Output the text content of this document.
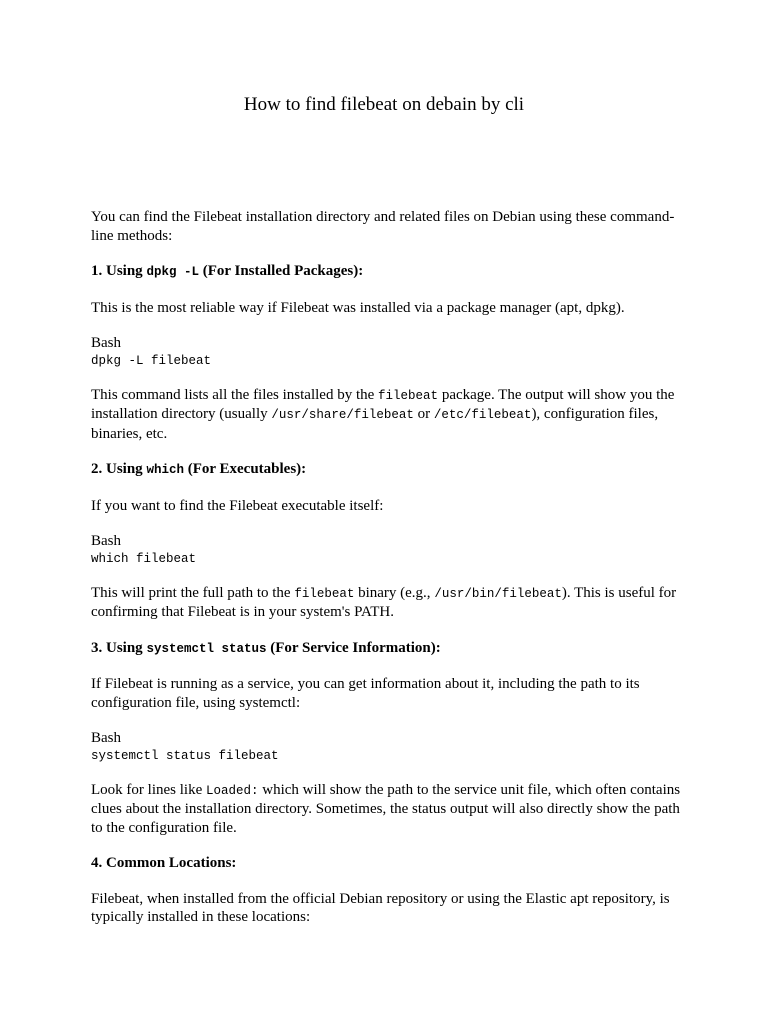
How to find filebeat on debain by cli

You can find the Filebeat installation directory and related files on Debian using these command-line methods:

1. Using dpkg -L (For Installed Packages):

This is the most reliable way if Filebeat was installed via a package manager (apt, dpkg).

Bash
dpkg -L filebeat

This command lists all the files installed by the filebeat package. The output will show you the installation directory (usually /usr/share/filebeat or /etc/filebeat), configuration files, binaries, etc.

2. Using which (For Executables):

If you want to find the Filebeat executable itself:

Bash
which filebeat

This will print the full path to the filebeat binary (e.g., /usr/bin/filebeat). This is useful for confirming that Filebeat is in your system's PATH.

3. Using systemctl status (For Service Information):

If Filebeat is running as a service, you can get information about it, including the path to its configuration file, using systemctl:

Bash
systemctl status filebeat

Look for lines like Loaded: which will show the path to the service unit file, which often contains clues about the installation directory. Sometimes, the status output will also directly show the path to the configuration file.

4. Common Locations:

Filebeat, when installed from the official Debian repository or using the Elastic apt repository, is typically installed in these locations:
